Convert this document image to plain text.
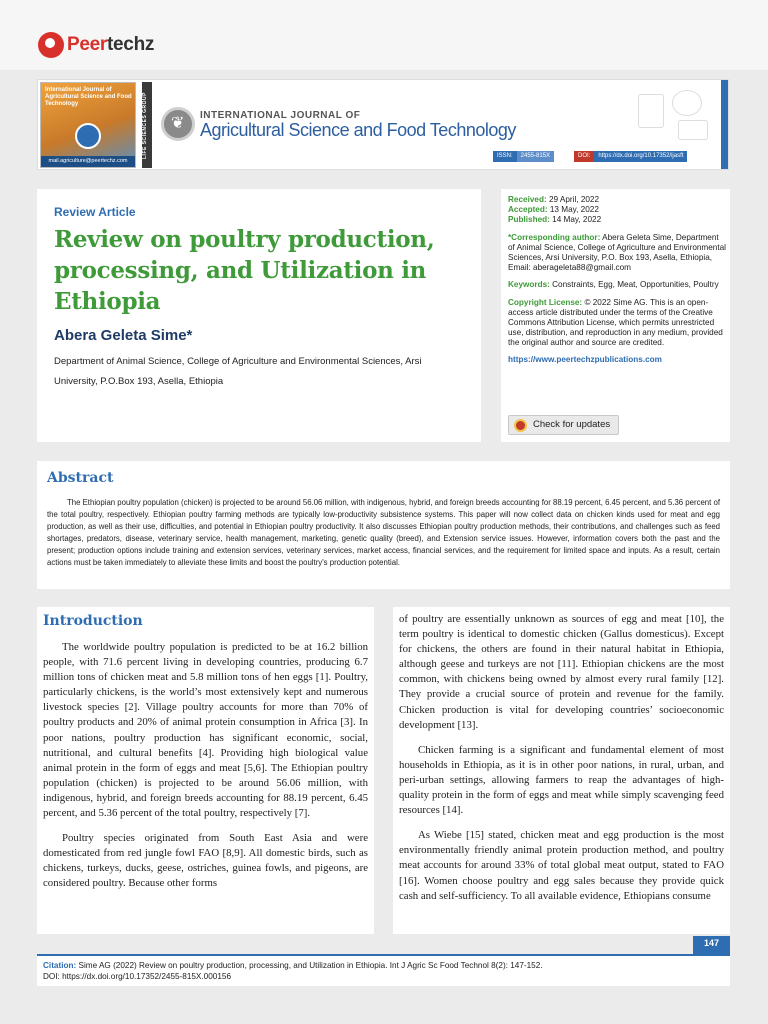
Peertechz
International Journal of Agricultural Science and Food Technology
mail.agriculture@peertechz.com
LIFE SCIENCES GROUP
❦	INTERNATIONAL JOURNAL OF
Agricultural Science and Food Technology
ISSN:	2455-815X	DOI:	https://dx.doi.org/10.17352/ijasft
Review Article
Review on poultry production, processing, and Utilization in Ethiopia
Abera Geleta Sime*
Department of Animal Science, College of Agriculture and Environmental Sciences, Arsi University, P.O.Box 193, Asella, Ethiopia
Received: 29 April, 2022
Accepted: 13 May, 2022
Published: 14 May, 2022
*Corresponding author: Abera Geleta Sime, Department of Animal Science, College of Agriculture and Environmental Sciences, Arsi University, P.O. Box 193, Asella, Ethiopia, Email: aberageleta88@gmail.com
Keywords: Constraints, Egg, Meat, Opportunities, Poultry
Copyright License: © 2022 Sime AG. This is an open-access article distributed under the terms of the Creative Commons Attribution License, which permits unrestricted use, distribution, and reproduction in any medium, provided the original author and source are credited.
https://www.peertechzpublications.com
Check for updates
Abstract
The Ethiopian poultry population (chicken) is projected to be around 56.06 million, with indigenous, hybrid, and foreign breeds accounting for 88.19 percent, 6.45 percent, and 5.36 percent of the total poultry, respectively. Ethiopian poultry farming methods are typically low-productivity subsistence systems. This paper will now collect data on chicken kinds used for meat and egg production, as well as their use, difficulties, and potential in Ethiopian poultry productivity. It also discusses Ethiopian poultry production methods, their contributions, and challenges such as feed shortages, predators, disease, veterinary service, health management, marketing, genetic quality (breed), and Extension service issues. However, information covers both the past and the present; production options include training and extension services, veterinary services, market access, financial services, and the requirement for limited space and inputs. As a result, certain actions must be taken immediately to alleviate these limits and boost the poultry's production potential.
Introduction

The worldwide poultry population is predicted to be at 16.2 billion people, with 71.6 percent living in developing countries, producing 6.7 million tons of chicken meat and 5.8 million tons of hen eggs [1]. Poultry, particularly chickens, is the world’s most extensively kept and numerous livestock species [2]. Village poultry accounts for more than 70% of poultry products and 20% of animal protein consumption in Africa [3]. In poor nations, poultry production has significant economic, social, nutritional, and cultural benefits [4]. Providing high biological value animal protein in the form of eggs and meat [5,6]. The Ethiopian poultry population (chicken) is projected to be around 56.06 million, with indigenous, hybrid, and foreign breeds accounting for 88.19 percent, 6.45 percent, and 5.36 percent of the total poultry, respectively [7].

Poultry species originated from South East Asia and were domesticated from red jungle fowl FAO [8,9]. All domestic birds, such as chickens, turkeys, ducks, geese, ostriches, guinea fowls, and pigeons, are considered poultry. Because other forms

of poultry are essentially unknown as sources of egg and meat [10], the term poultry is identical to domestic chicken (Gallus domesticus). Except for chickens, the others are found in their natural habitat in Ethiopia, although geese and turkeys are not [11]. Ethiopian chickens are the most common, with chickens being owned by almost every rural family [12]. They provide a crucial source of protein and revenue for the family. Chicken production is vital for developing countries’ socioeconomic development [13].

Chicken farming is a significant and fundamental element of most households in Ethiopia, as it is in other poor nations, in rural, urban, and peri-urban settings, allowing farmers to reap the advantages of high-quality protein in the form of eggs and meat while simply scavenging feed resources [14].

As Wiebe [15] stated, chicken meat and egg production is the most environmentally friendly animal protein production method, and poultry meat accounts for around 33% of total global meat output, stated to FAO [16]. Women choose poultry and egg sales because they provide quick cash and self-sufficiency. To all available evidence, Ethiopians consume

147
Citation: Sime AG (2022) Review on poultry production, processing, and Utilization in Ethiopia. Int J Agric Sc Food Technol 8(2): 147-152.
DOI: https://dx.doi.org/10.17352/2455-815X.000156
